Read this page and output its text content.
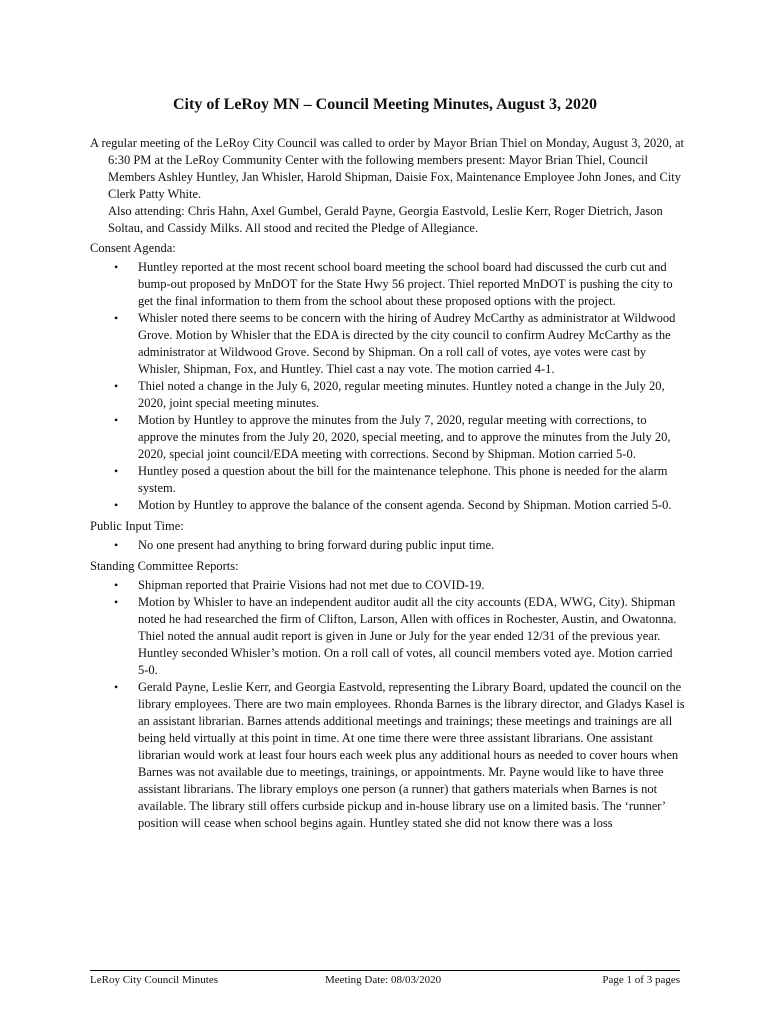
City of LeRoy MN – Council Meeting Minutes, August 3, 2020

A regular meeting of the LeRoy City Council was called to order by Mayor Brian Thiel on Monday, August 3, 2020, at 6:30 PM at the LeRoy Community Center with the following members present: Mayor Brian Thiel, Council Members Ashley Huntley, Jan Whisler, Harold Shipman, Daisie Fox, Maintenance Employee John Jones, and City Clerk Patty White.

Also attending: Chris Hahn, Axel Gumbel, Gerald Payne, Georgia Eastvold, Leslie Kerr, Roger Dietrich, Jason Soltau, and Cassidy Milks. All stood and recited the Pledge of Allegiance.

Consent Agenda:
• Huntley reported at the most recent school board meeting the school board had discussed the curb cut and bump-out proposed by MnDOT for the State Hwy 56 project. Thiel reported MnDOT is pushing the city to get the final information to them from the school about these proposed options with the project.
• Whisler noted there seems to be concern with the hiring of Audrey McCarthy as administrator at Wildwood Grove. Motion by Whisler that the EDA is directed by the city council to confirm Audrey McCarthy as the administrator at Wildwood Grove. Second by Shipman. On a roll call of votes, aye votes were cast by Whisler, Shipman, Fox, and Huntley. Thiel cast a nay vote. The motion carried 4-1.
• Thiel noted a change in the July 6, 2020, regular meeting minutes. Huntley noted a change in the July 20, 2020, joint special meeting minutes.
• Motion by Huntley to approve the minutes from the July 7, 2020, regular meeting with corrections, to approve the minutes from the July 20, 2020, special meeting, and to approve the minutes from the July 20, 2020, special joint council/EDA meeting with corrections. Second by Shipman. Motion carried 5-0.
• Huntley posed a question about the bill for the maintenance telephone. This phone is needed for the alarm system.
• Motion by Huntley to approve the balance of the consent agenda. Second by Shipman. Motion carried 5-0.
Public Input Time:
• No one present had anything to bring forward during public input time.
Standing Committee Reports:
• Shipman reported that Prairie Visions had not met due to COVID-19.
• Motion by Whisler to have an independent auditor audit all the city accounts (EDA, WWG, City). Shipman noted he had researched the firm of Clifton, Larson, Allen with offices in Rochester, Austin, and Owatonna. Thiel noted the annual audit report is given in June or July for the year ended 12/31 of the previous year. Huntley seconded Whisler’s motion. On a roll call of votes, all council members voted aye. Motion carried 5-0.
• Gerald Payne, Leslie Kerr, and Georgia Eastvold, representing the Library Board, updated the council on the library employees. There are two main employees. Rhonda Barnes is the library director, and Gladys Kasel is an assistant librarian. Barnes attends additional meetings and trainings; these meetings and trainings are all being held virtually at this point in time. At one time there were three assistant librarians. One assistant librarian would work at least four hours each week plus any additional hours as needed to cover hours when Barnes was not available due to meetings, trainings, or appointments. Mr. Payne would like to have three assistant librarians. The library employs one person (a runner) that gathers materials when Barnes is not available. The library still offers curbside pickup and in-house library use on a limited basis. The ‘runner’ position will cease when school begins again. Huntley stated she did not know there was a loss
LeRoy City Council Minutes	Meeting Date: 08/03/2020	Page 1 of 3 pages
